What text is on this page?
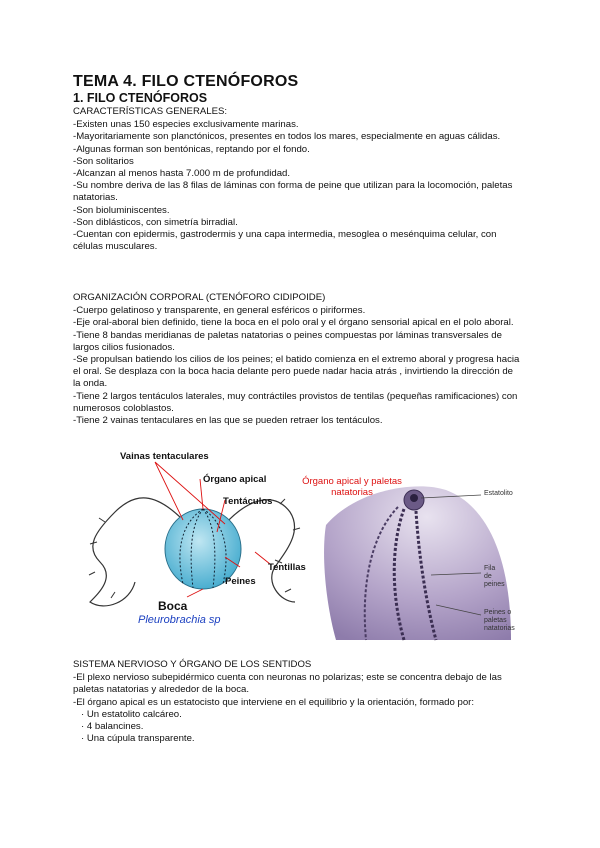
TEMA 4. FILO CTENÓFOROS
1. FILO CTENÓFOROS

CARACTERÍSTICAS GENERALES:

-Existen unas 150 especies exclusivamente marinas.

-Mayoritariamente son planctónicos, presentes en todos los mares, especialmente en aguas cálidas.

-Algunas forman son bentónicas, reptando por el fondo.

-Son solitarios

-Alcanzan al menos hasta 7.000 m de profundidad.

-Su nombre deriva de las 8 filas de láminas con forma de peine que utilizan para la locomoción, paletas natatorias.

-Son bioluminiscentes.

-Son diblásticos, con simetría birradial.

-Cuentan con epidermis, gastrodermis y una capa intermedia, mesoglea o mesénquima celular, con células musculares.

ORGANIZACIÓN CORPORAL (CTENÓFORO CIDIPOIDE)

-Cuerpo gelatinoso y transparente, en general esféricos o piriformes.

-Eje oral-aboral bien definido, tiene la boca en el polo oral y el órgano sensorial apical en el polo aboral.

-Tiene 8 bandas meridianas de paletas natatorias o peines compuestas por láminas transversales de largos cilios fusionados.

-Se propulsan batiendo los cilios de los peines; el batido comienza en el extremo aboral y progresa hacia el oral. Se desplaza con la boca hacia delante pero puede nadar hacia atrás , invirtiendo la dirección de la onda.

-Tiene 2 largos tentáculos laterales, muy contráctiles provistos de tentilas (pequeñas ramificaciones) con numerosos coloblastos.

-Tiene 2 vainas tentaculares en las que se pueden retraer los tentáculos.

Vainas tentaculares
Órgano apical
Tentáculos
Tentillas
Peines
Boca
Pleurobrachia sp
Órgano apical y paletas
natatorias	Estatolito
Fila
de
peines
Peines o
paletas
natatorias

SISTEMA NERVIOSO Y ÓRGANO DE LOS SENTIDOS

-El plexo nervioso subepidérmico cuenta con neuronas no polarizas; este se concentra debajo de las paletas natatorias y alrededor de la boca.

-El órgano apical es un estatocisto que interviene en el equilibrio y la orientación, formado por:

· Un estatolito calcáreo.

· 4 balancines.

· Una cúpula transparente.
